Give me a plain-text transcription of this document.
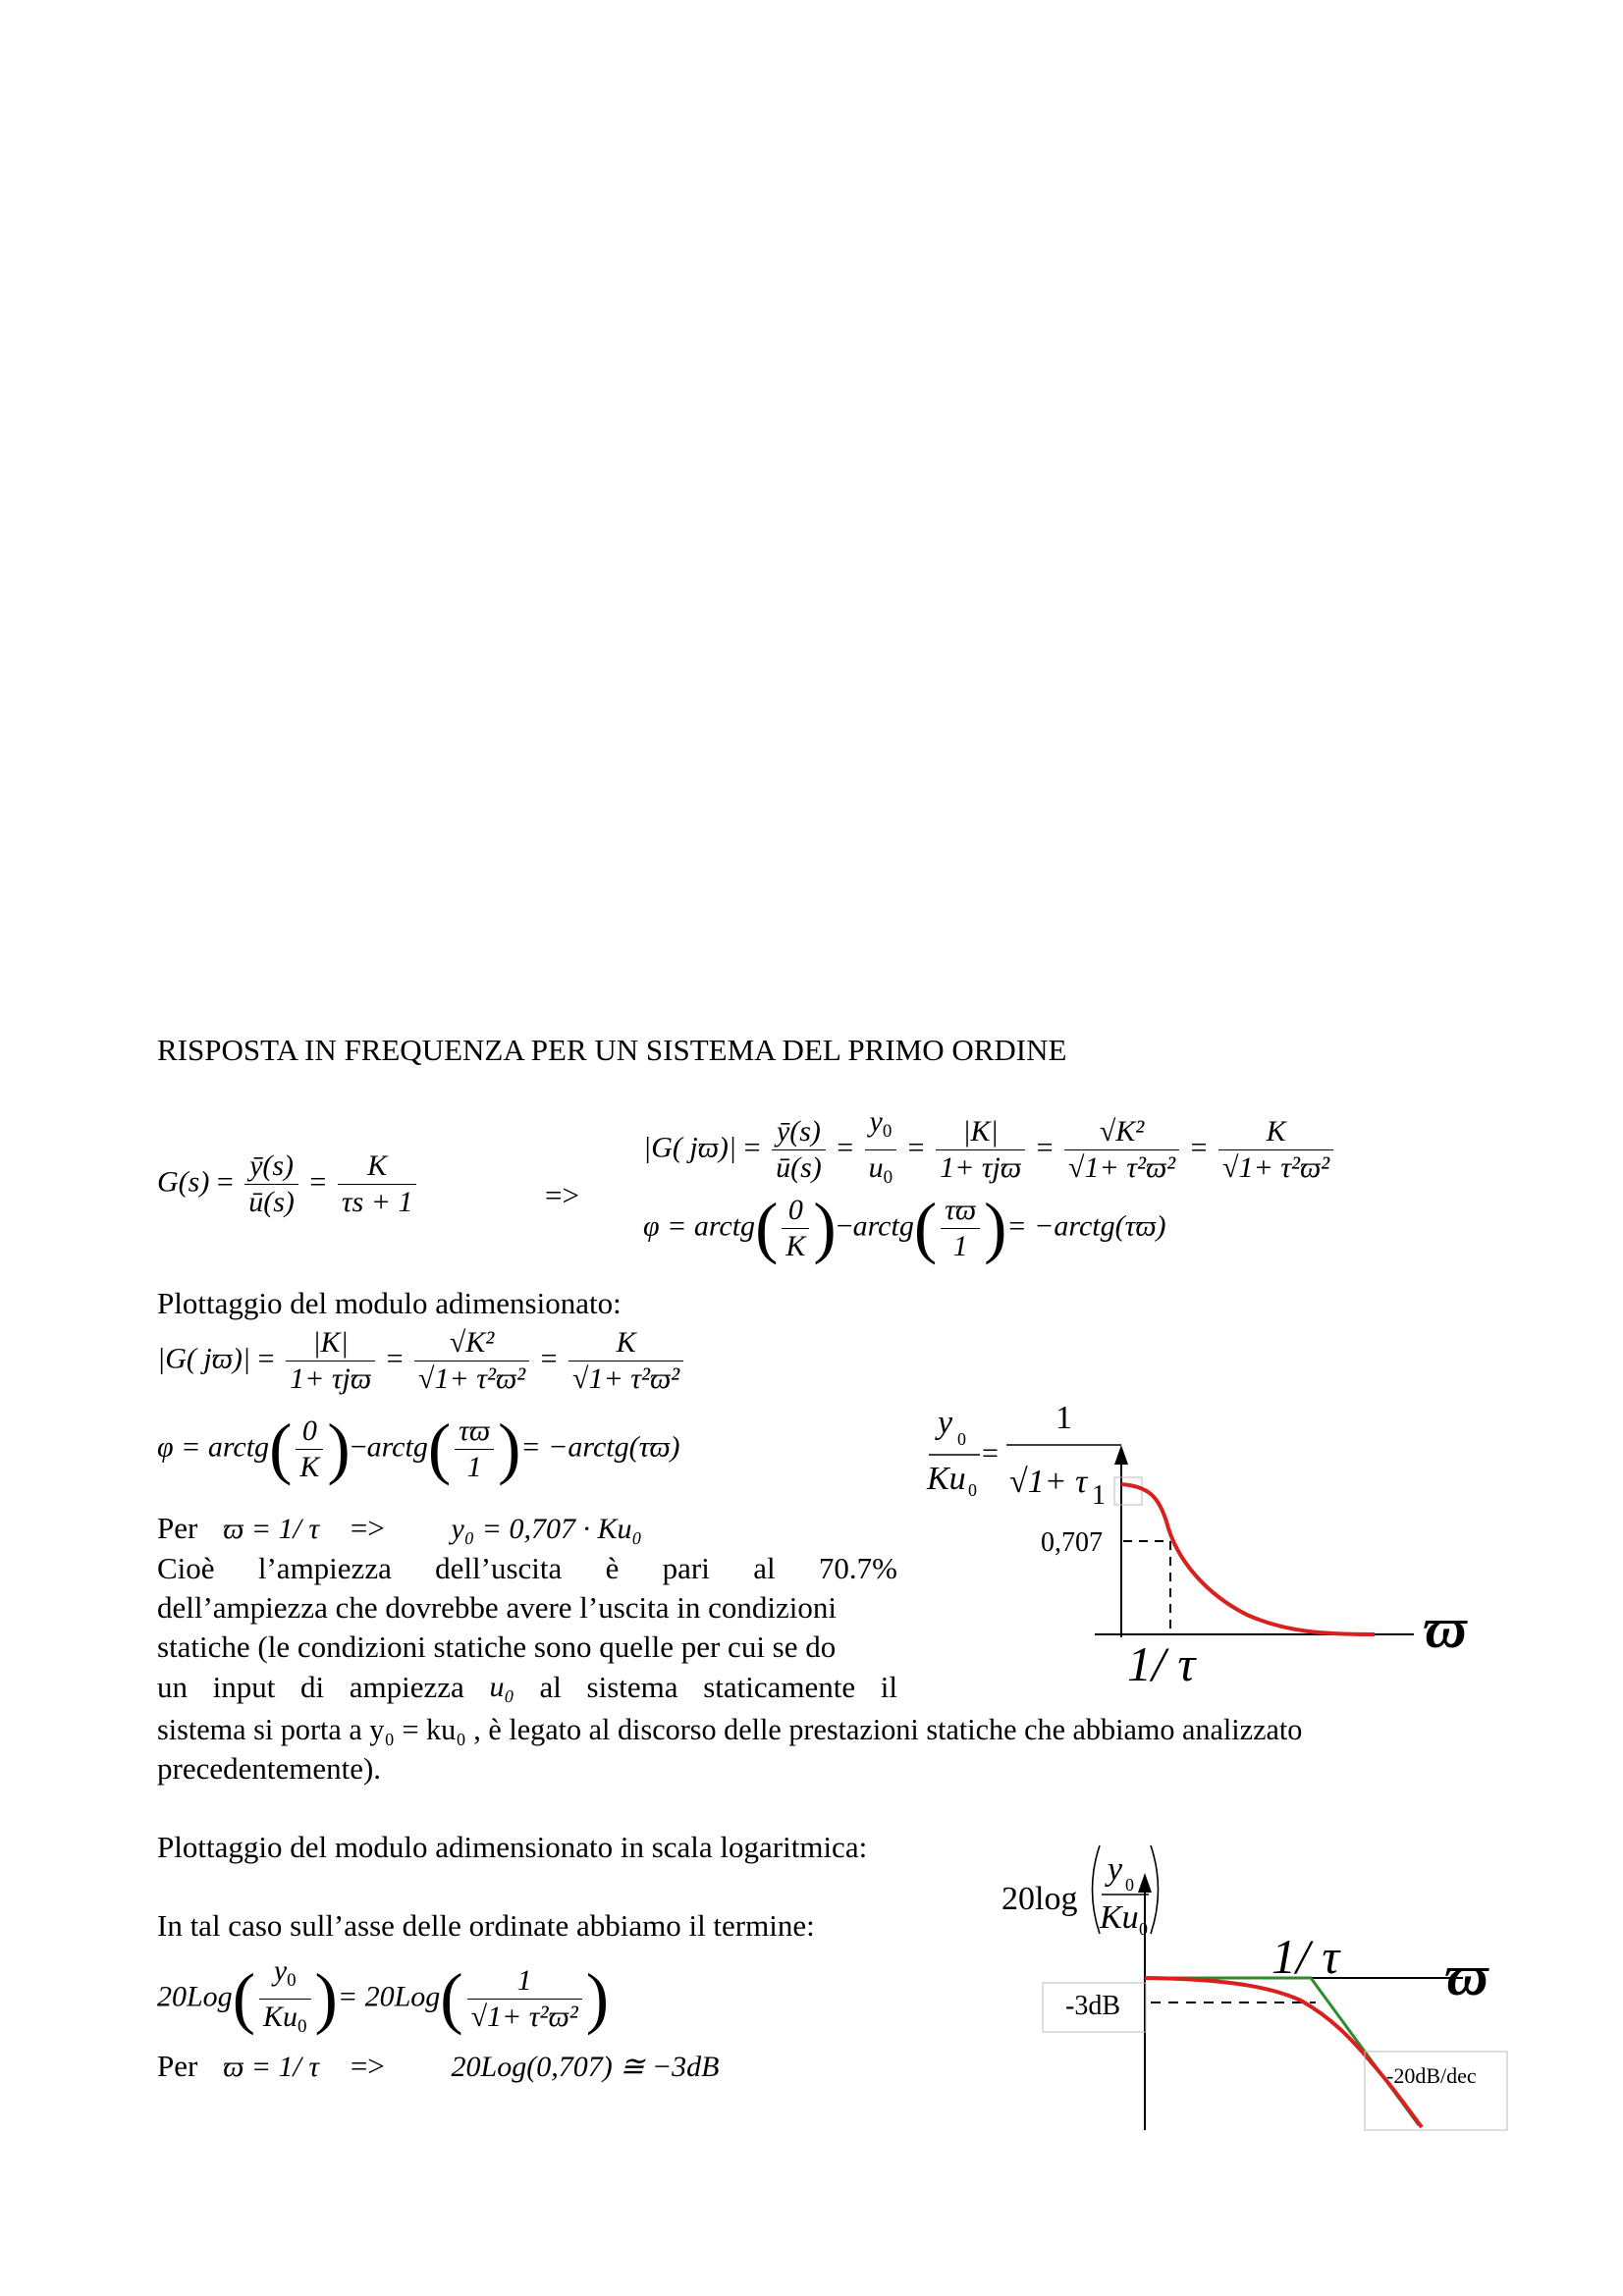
RISPOSTA IN FREQUENZA PER UN SISTEMA DEL PRIMO ORDINE
$G(s) = \frac{ȳ(s)}{ū(s)} = \frac{K}{\tau s + 1}$	=>
|G( $jϖ)| = \frac{ȳ(s)}{ū(s)} = \frac{y_0}{u_0} = \frac{|K|}{\text{1+ τjϖ}} = \frac{\text{√K²}}{\text{√1+ τ²ϖ²}} = \frac{K}{\text{√1+ τ²ϖ²}}$
φ = arctg( $\frac{0}{K}$ )−arctg( $\frac{\tau ϖ}{1}$ )= −arctg(τϖ)
Plottaggio del modulo adimensionato:
|G( $jϖ)| = \frac{|K|}{\text{1+ τjϖ}} = \frac{\text{√K²}}{\text{√1+ τ²ϖ²}} = \frac{K}{\text{√1+ τ²ϖ²}}$
φ = arctg( $\frac{0}{K}$ )−arctg( $\frac{\tau ϖ}{1}$ )= −arctg(τϖ)
Per ϖ = 1/ τ => y₀ = 0,707 · Ku₀
Cioè l’ampiezza dell’uscita è pari al 70.7%
dell’ampiezza che dovrebbe avere l’uscita in condizioni
statiche (le condizioni statiche sono quelle per cui se do
un input di ampiezza u₀ al sistema staticamente il
sistema si porta a y₀ = ku₀ , è legato al discorso delle prestazioni statiche che abbiamo analizzato
precedentemente).
Plottaggio del modulo adimensionato in scala logaritmica:
In tal caso sull’asse delle ordinate abbiamo il termine:
$20Log( \frac{y_0}{Ku_0}$ )= $20Log( \frac{1}{\text{√1+ τ²ϖ²}}$ )
Per ϖ = 1/ τ => 20Log(0,707) ≅ −3dB
y 0
Ku 0
=
1
√1+ τ 1
0,707
1/ τ
ϖ
20log
y 0
Ku 0
-3dB
1/ τ ϖ
-20dB/dec
